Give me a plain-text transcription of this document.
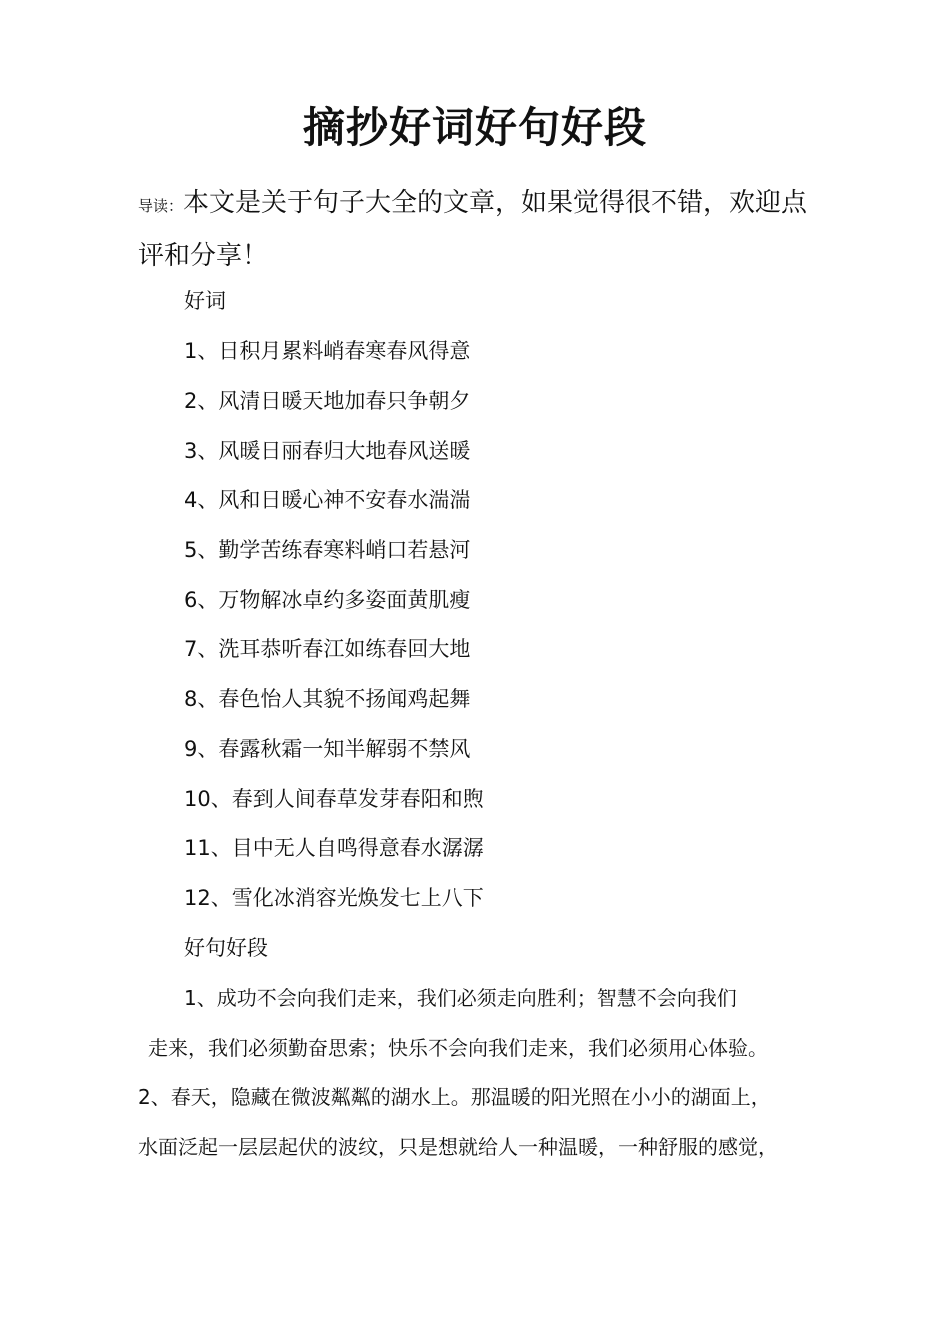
摘抄好词好句好段
导读：本文是关于句子大全的文章，如果觉得很不错，欢迎点评和分享！
好词
1、日积月累料峭春寒春风得意
2、风清日暖天地加春只争朝夕
3、风暖日丽春归大地春风送暖
4、风和日暖心神不安春水湍湍
5、勤学苦练春寒料峭口若悬河
6、万物解冰卓约多姿面黄肌瘦
7、洗耳恭听春江如练春回大地
8、春色怡人其貌不扬闻鸡起舞
9、春露秋霜一知半解弱不禁风
10、春到人间春草发芽春阳和煦
11、目中无人自鸣得意春水潺潺
12、雪化冰消容光焕发七上八下
好句好段
1、成功不会向我们走来，我们必须走向胜利；智慧不会向我们
走来，我们必须勤奋思索；快乐不会向我们走来，我们必须用心体验。
2、春天，隐藏在微波粼粼的湖水上。那温暖的阳光照在小小的湖面上，
水面泛起一层层起伏的波纹，只是想就给人一种温暖，一种舒服的感觉，
